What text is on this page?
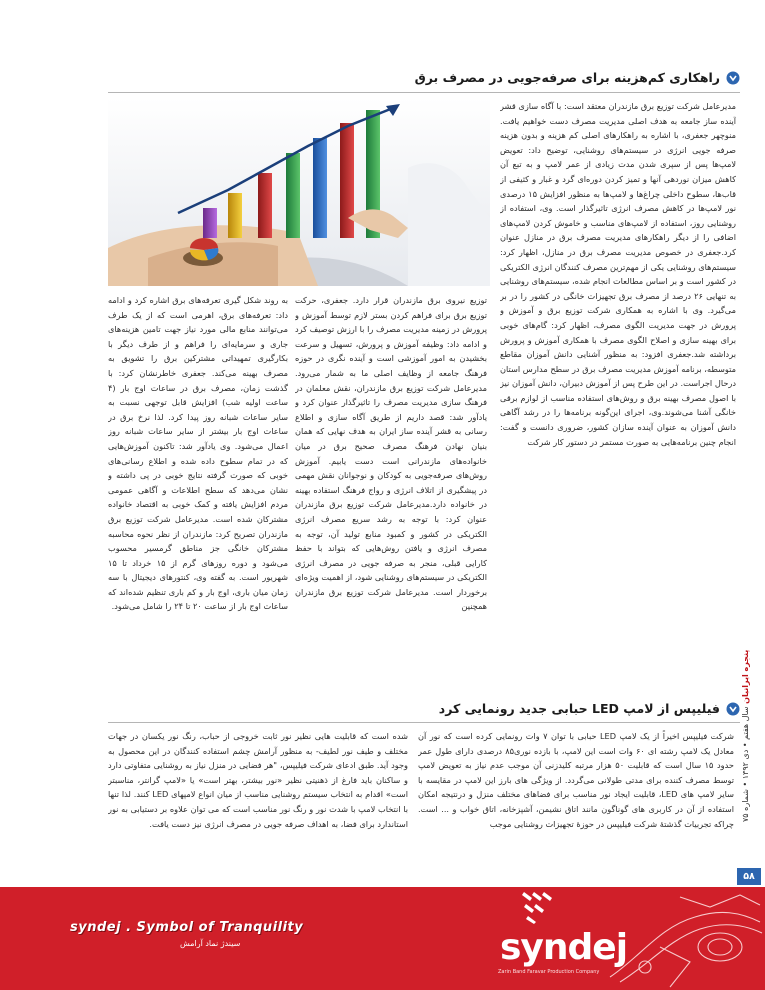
راهکاری کم‌هزینه برای صرفه‌جویی در مصرف برق

مدیرعامل شرکت توزیع برق مازندران معتقد است: با آگاه سازی قشر آینده ساز جامعه به هدف اصلی مدیریت مصرف دست خواهیم یافت. منوچهر جعفری، با اشاره به راهکارهای اصلی کم هزینه و بدون هزینه صرفه جویی انرژی در سیستم‌های روشنایی، توضیح داد: تعویض لامپ‌ها پس از سپری شدن مدت زیادی از عمر لامپ و به تبع آن کاهش میزان نوردهی آنها و تمیز کردن دوره‌ای گرد و غبار و کثیفی از قاب‌ها، سطوح داخلی چراغ‌ها و لامپ‌ها به منظور افزایش ۱۵ درصدی نور لامپ‌ها در کاهش مصرف انرژی تاثیرگذار است. وی، استفاده از روشنایی روز، استفاده از لامپ‌های مناسب و خاموش کردن لامپ‌های اضافی را از دیگر راهکارهای مدیریت مصرف برق در منازل عنوان کرد.جعفری در خصوص مدیریت مصرف برق در منازل، اظهار کرد: سیستم‌های روشنایی یکی از مهم‌ترین مصرف کنندگان انرژی الکتریکی در کشور است و بر اساس مطالعات انجام شده، سیستم‌های روشنایی به تنهایی ۲۶ درصد از مصرف برق تجهیزات خانگی در کشور را در بر می‌گیرد. وی با اشاره به همکاری شرکت توزیع برق و آموزش و پرورش در جهت مدیریت الگوی مصرف، اظهار کرد: گام‌های خوبی برای بهینه سازی و اصلاح الگوی مصرف با همکاری آموزش و پرورش برداشته شد.جعفری افزود: به منظور آشنایی دانش آموزان مقاطع متوسطه، برنامه آموزش مدیریت مصرف برق در سطح مدارس استان درحال اجراست. در این طرح پس از آموزش دبیران، دانش آموزان نیز با اصول مصرف بهینه برق و روش‌های استفاده مناسب از لوازم برقی خانگی آشنا می‌شوند.وی، اجرای این‌گونه برنامه‌ها را در رشد آگاهی دانش آموزان به عنوان آینده سازان کشور، ضروری دانست و گفت: انجام چنین برنامه‌هایی به صورت مستمر در دستور کار شرکت

توزیع نیروی برق مازندران قرار دارد. جعفری، حرکت توزیع برق برای فراهم کردن بستر لازم توسط آموزش و پرورش در زمینه مدیریت مصرف را با ارزش توصیف کرد و ادامه داد: وظیفه آموزش و پرورش، تسهیل و سرعت بخشیدن به امور آموزشی است و آینده نگری در حوزه فرهنگ جامعه از وظایف اصلی ما به شمار می‌رود. مدیرعامل شرکت توزیع برق مازندران، نقش معلمان در فرهنگ سازی مدیریت مصرف را تاثیرگذار عنوان کرد و یادآور شد: قصد داریم از طریق آگاه سازی و اطلاع رسانی به قشر آینده ساز ایران به هدف نهایی که همان بنیان نهادن فرهنگ مصرف صحیح برق در میان خانواده‌های مازندرانی است دست یابیم. آموزش روش‌های صرفه‌جویی به کودکان و نوجوانان نقش مهمی در پیشگیری از اتلاف انرژی و رواج فرهنگ استفاده بهینه در خانواده دارد.مدیرعامل شرکت توزیع برق مازندران عنوان کرد: با توجه به رشد سریع مصرف انرژی الکتریکی در کشور و کمبود منابع تولید آن، توجه به مصرف انرژی و یافتن روش‌هایی که بتواند با حفظ کارایی قبلی، منجر به صرفه جویی در مصرف انرژی الکتریکی در سیستم‌های روشنایی شود، از اهمیت ویژه‌ای برخوردار است. مدیرعامل شرکت توزیع برق مازندران همچنین

به روند شکل گیری تعرفه‌های برق اشاره کرد و ادامه داد: تعرفه‌های برق، اهرمی است که از یک طرف می‌توانند منابع مالی مورد نیاز جهت تامین هزینه‌های جاری و سرمایه‌ای را فراهم و از طرف دیگر با بکارگیری تمهیداتی مشترکین برق را تشویق به مصرف بهینه می‌کند. جعفری خاطرنشان کرد: با گذشت زمان، مصرف برق در ساعات اوج بار (۴ ساعت اولیه شب) افزایش قابل توجهی نسبت به سایر ساعات شبانه روز پیدا کرد. لذا نرخ برق در ساعات اوج بار بیشتر از سایر ساعات شبانه روز اعمال می‌شود. وی یادآور شد: تاکنون آموزش‌هایی که در تمام سطوح داده شده و اطلاع رسانی‌های خوبی که صورت گرفته نتایج خوبی در پی داشته و نشان می‌دهد که سطح اطلاعات و آگاهی عمومی مردم افزایش یافته و کمک خوبی به اقتصاد خانواده مشترکان شده است. مدیرعامل شرکت توزیع برق مازندران تصریح کرد: مازندران از نظر نحوه محاسبه مشترکان خانگی جز مناطق گرمسیر محسوب می‌شود و دوره روزهای گرم از ۱۵ خرداد تا ۱۵ شهریور است. به گفته وی، کنتورهای دیجیتال با سه زمان میان باری، اوج بار و کم باری تنظیم شده‌اند که ساعات اوج بار از ساعت ۲۰ تا ۲۴ را شامل می‌شود.

فیلیپس از لامپ LED حبابی جدید رونمایی کرد

شرکت فیلیپس اخیراً از یک لامپ LED حبابی با توان ۷ وات رونمایی کرده است که نور آن معادل یک لامپ رشته ای ۶۰ وات است این لامپ، با بازده نوری۸۵ درصدی دارای طول عمر حدود ۱۵ سال است که قابلیت ۵۰ هزار مرتبه کلیدزنی آن موجب عدم نیاز به تعویض لامپ توسط مصرف کننده برای مدتی طولانی می‌گردد. از ویژگی های بارز این لامپ در مقایسه با سایر لامپ های LED، قابلیت ایجاد نور مناسب برای فضاهای مختلف منزل و درنتیجه امکان استفاده از آن در کاربری های گوناگون مانند اتاق نشیمن، آشپزخانه، اتاق خواب و ... است. چراکه تجربیات گذشتهٔ شرکت فیلیپس در حوزهٔ تجهیزات روشنایی موجب

شده است که قابلیت هایی نظیر نور ثابت خروجی از حباب، رنگ نور یکسان در جهات مختلف و طیف نور لطیف- به منظور آرامش چشم استفاده کنندگان در این محصول به وجود آید. طبق ادعای شرکت فیلیپس، "هر فضایی در منزل نیاز به روشنایی متفاوتی دارد و ساکنان باید فارغ از ذهنیتی نظیر «نور بیشتر، بهتر است» یا «لامپ گرانتر، مناسبتر است» اقدام به انتخاب سیستم روشنایی مناسب از میان انواع لامپهای LED کنند. لذا تنها با انتخاب لامپ با شدت نور و رنگ نور مناسب است که می توان علاوه بر دستیابی به نور استاندارد برای فضا، به اهداف صرفه جویی در مصرف انرژی نیز دست یافت.

پنجره ایرانیان سال هفتم • دی ۱۳۹۲ • شماره ۷۵
۵۸
syndej . Symbol of Tranquility
سیندژ نماد آرامش	syndej
Zarin Band Faravar Production Company
